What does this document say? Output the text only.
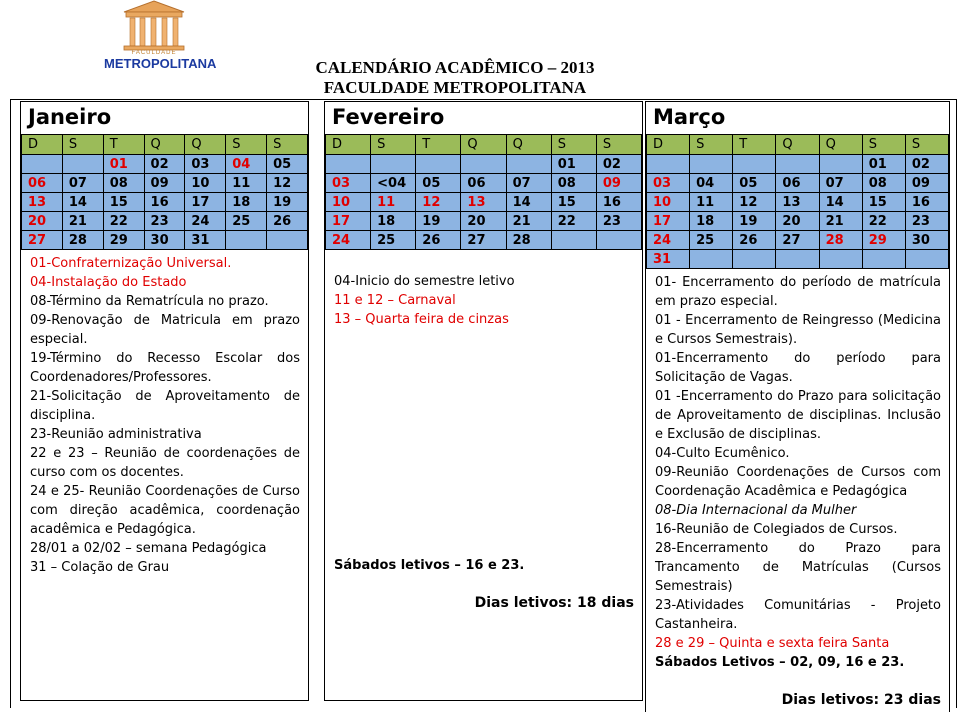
FACULDADE
METROPOLITANA	CALENDÁRIO ACADÊMICO – 2013
FACULDADE METROPOLITANA
Janeiro
D	S	T	Q	Q	S	S
		01	02	03	04	05
06	07	08	09	10	11	12
13	14	15	16	17	18	19
20	21	22	23	24	25	26
27	28	29	30	31		

01-Confraternização Universal.

04-Instalação do Estado

08-Término da Rematrícula no prazo.

09-Renovação de Matricula em prazo especial.

19-Término do Recesso Escolar dos Coordenadores/Professores.

21-Solicitação de Aproveitamento de disciplina.

23-Reunião administrativa

22 e 23 – Reunião de coordenações de curso com os docentes.

24 e 25- Reunião Coordenações de Curso com direção acadêmica, coordenação acadêmica e Pedagógica.

28/01 a 02/02 – semana Pedagógica

31 – Colação de Grau

Fevereiro
D	S	T	Q	Q	S	S
					01	02
03	<04	05	06	07	08	09
10	11	12	13	14	15	16
17	18	19	20	21	22	23
24	25	26	27	28		

04-Inicio do semestre letivo

11 e 12 – Carnaval

13 – Quarta feira de cinzas

Sábados letivos – 16 e 23.
Dias letivos: 18 dias
Março
D	S	T	Q	Q	S	S
					01	02
03	04	05	06	07	08	09
10	11	12	13	14	15	16
17	18	19	20	21	22	23
24	25	26	27	28	29	30
31						

01- Encerramento do período de matrícula em prazo especial.

01 - Encerramento de Reingresso (Medicina e Cursos Semestrais).

01-Encerramento do período para Solicitação de Vagas.

01 -Encerramento do Prazo para solicitação de Aproveitamento de disciplinas. Inclusão e Exclusão de disciplinas.

04-Culto Ecumênico.

09-Reunião Coordenações de Cursos com Coordenação Acadêmica e Pedagógica

08-Dia Internacional da Mulher

16-Reunião de Colegiados de Cursos.

28-Encerramento do Prazo para Trancamento de Matrículas (Cursos Semestrais)

23-Atividades Comunitárias - Projeto Castanheira.

28 e 29 – Quinta e sexta feira Santa

Sábados Letivos – 02, 09, 16 e 23.

Dias letivos: 23 dias
